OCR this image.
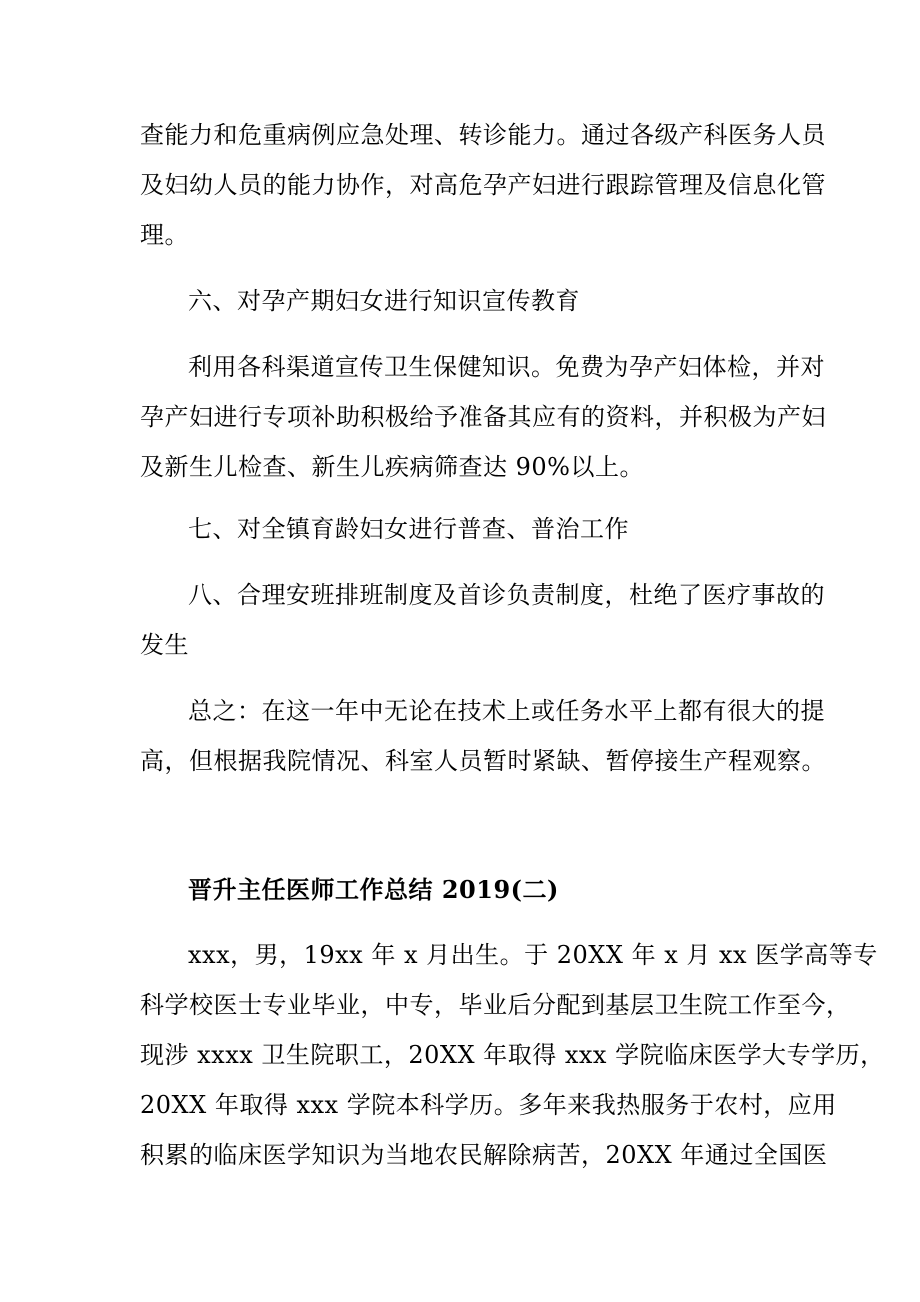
查能力和危重病例应急处理、转诊能力。通过各级产科医务人员
及妇幼人员的能力协作，对高危孕产妇进行跟踪管理及信息化管
理。
六、对孕产期妇女进行知识宣传教育
利用各科渠道宣传卫生保健知识。免费为孕产妇体检，并对
孕产妇进行专项补助积极给予准备其应有的资料，并积极为产妇
及新生儿检查、新生儿疾病筛查达 90%以上。
七、对全镇育龄妇女进行普查、普治工作
八、合理安班排班制度及首诊负责制度，杜绝了医疗事故的
发生
总之：在这一年中无论在技术上或任务水平上都有很大的提
高，但根据我院情况、科室人员暂时紧缺、暂停接生产程观察。
晋升主任医师工作总结 2019(二)
xxx，男，19xx 年 x 月出生。于 20XX 年 x 月 xx 医学高等专
科学校医士专业毕业，中专，毕业后分配到基层卫生院工作至今，
现涉 xxxx 卫生院职工，20XX 年取得 xxx 学院临床医学大专学历，
20XX 年取得 xxx 学院本科学历。多年来我热服务于农村，应用
积累的临床医学知识为当地农民解除病苦，20XX 年通过全国医
